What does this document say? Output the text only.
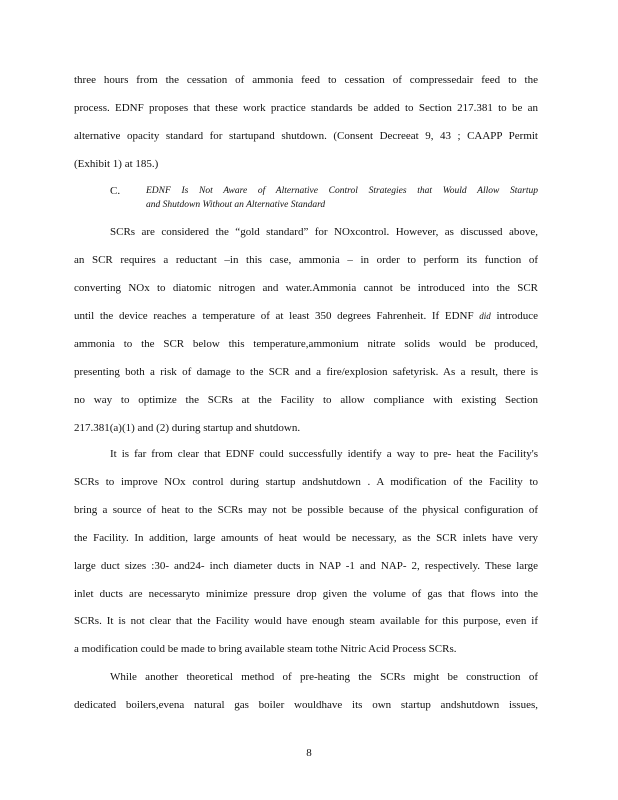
three hours from the cessation of ammonia feed to cessation of compressedair feed to the
process. EDNF proposes that these work practice standards be added to Section 217.381 to be an
alternative opacity standard for startupand shutdown. (Consent Decreeat 9, 43 ; CAAPP Permit
(Exhibit 1) at 185.)
C.	EDNF Is Not Aware of Alternative Control Strategies that Would Allow Startup
and Shutdown Without an Alternative Standard
SCRs are considered the “gold standard” for NOxcontrol. However, as discussed above,
an SCR requires a reductant –in this case, ammonia – in order to perform its function of
converting NOx to diatomic nitrogen and water.Ammonia cannot be introduced into the SCR
until the device reaches a temperature of at least 350 degrees Fahrenheit. If EDNF did introduce
ammonia to the SCR below this temperature,ammonium nitrate solids would be produced,
presenting both a risk of damage to the SCR and a fire/explosion safetyrisk. As a result, there is
no way to optimize the SCRs at the Facility to allow compliance with existing Section
217.381(a)(1) and (2) during startup and shutdown.
It is far from clear that EDNF could successfully identify a way to pre- heat the Facility's
SCRs to improve NOx control during startup andshutdown . A modification of the Facility to
bring a source of heat to the SCRs may not be possible because of the physical configuration of
the Facility. In addition, large amounts of heat would be necessary, as the SCR inlets have very
large duct sizes :30- and24- inch diameter ducts in NAP -1 and NAP- 2, respectively. These large
inlet ducts are necessaryto minimize pressure drop given the volume of gas that flows into the
SCRs. It is not clear that the Facility would have enough steam available for this purpose, even if
a modification could be made to bring available steam tothe Nitric Acid Process SCRs.
While another theoretical method of pre-heating the SCRs might be construction of
dedicated boilers,evena natural gas boiler wouldhave its own startup andshutdown issues,
8
